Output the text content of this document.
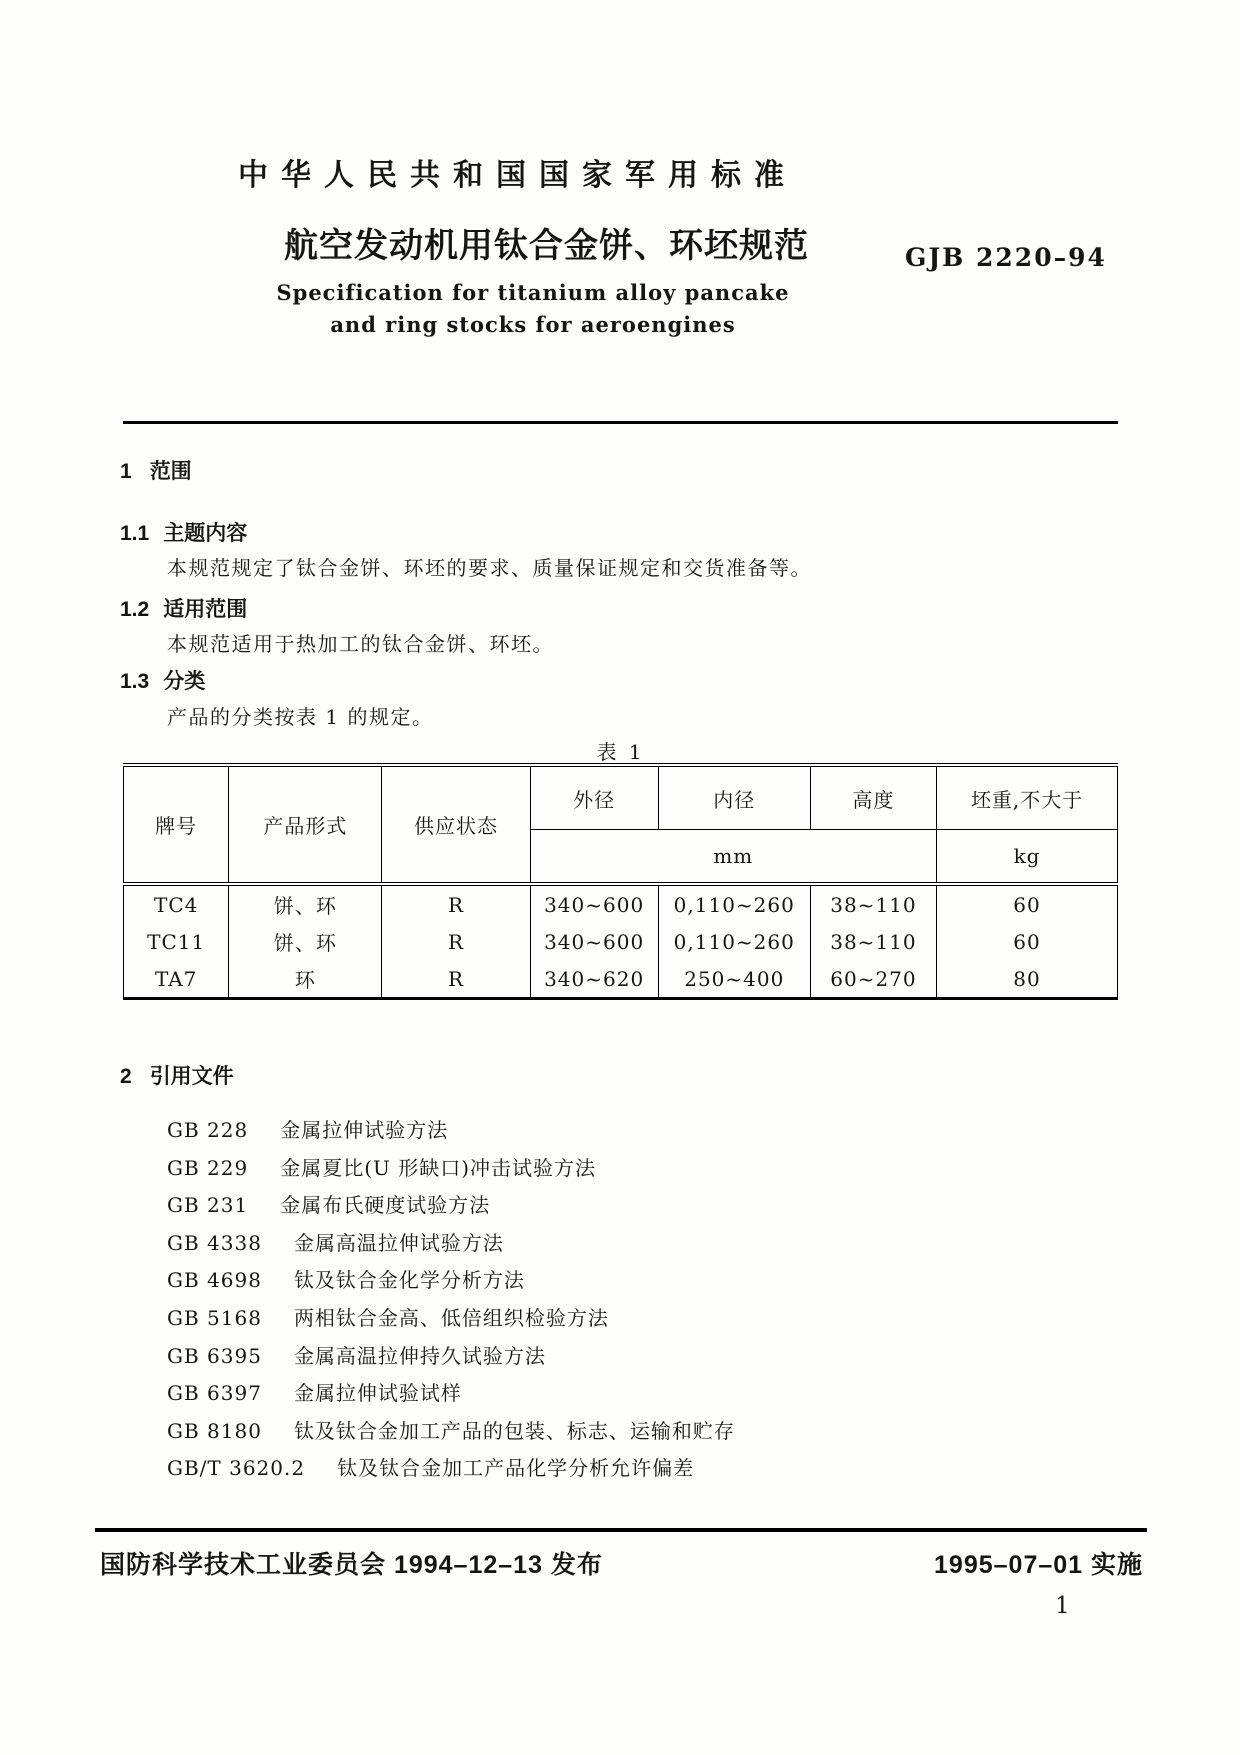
中华人民共和国国家军用标准
航空发动机用钛合金饼、环坯规范	GJB 2220–94
Specification for titanium alloy pancake
and ring stocks for aeroengines
1 范围
1.1 主题内容
本规范规定了钛合金饼、环坯的要求、质量保证规定和交货准备等。
1.2 适用范围
本规范适用于热加工的钛合金饼、环坯。
1.3 分类
产品的分类按表 1 的规定。
表 1
牌号	产品形式	供应状态	外径	内径	高度	坯重,不大于
			mm			kg
TC4	饼、环	R	340~600	0,110~260	38~110	60
TC11	饼、环	R	340~600	0,110~260	38~110	60
TA7	环	R	340~620	250~400	60~270	80
2 引用文件
GB 228 金属拉伸试验方法
GB 229 金属夏比(U 形缺口)冲击试验方法
GB 231 金属布氏硬度试验方法
GB 4338 金属高温拉伸试验方法
GB 4698 钛及钛合金化学分析方法
GB 5168 两相钛合金高、低倍组织检验方法
GB 6395 金属高温拉伸持久试验方法
GB 6397 金属拉伸试验试样
GB 8180 钛及钛合金加工产品的包装、标志、运输和贮存
GB/T 3620.2 钛及钛合金加工产品化学分析允许偏差
国防科学技术工业委员会 1994–12–13 发布	1995–07–01 实施
1
